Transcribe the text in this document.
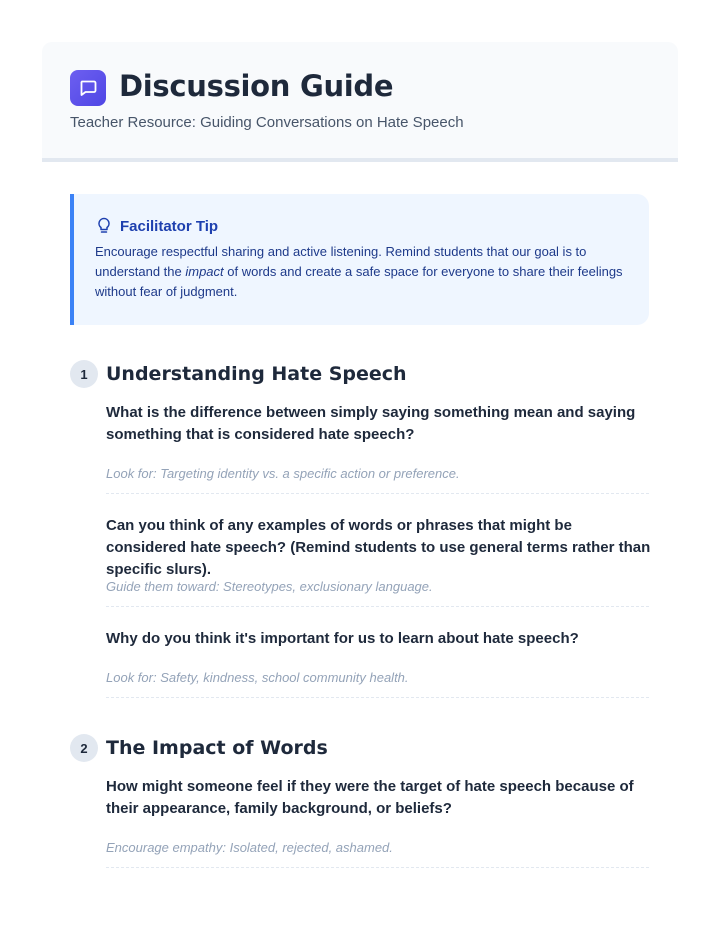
Discussion Guide
Teacher Resource: Guiding Conversations on Hate Speech
Facilitator Tip
Encourage respectful sharing and active listening. Remind students that our goal is to understand the impact of words and create a safe space for everyone to share their feelings without fear of judgment.
1 Understanding Hate Speech
What is the difference between simply saying something mean and saying something that is considered hate speech?
Look for: Targeting identity vs. a specific action or preference.
Can you think of any examples of words or phrases that might be considered hate speech? (Remind students to use general terms rather than specific slurs).
Guide them toward: Stereotypes, exclusionary language.
Why do you think it's important for us to learn about hate speech?
Look for: Safety, kindness, school community health.
2 The Impact of Words
How might someone feel if they were the target of hate speech because of their appearance, family background, or beliefs?
Encourage empathy: Isolated, rejected, ashamed.
